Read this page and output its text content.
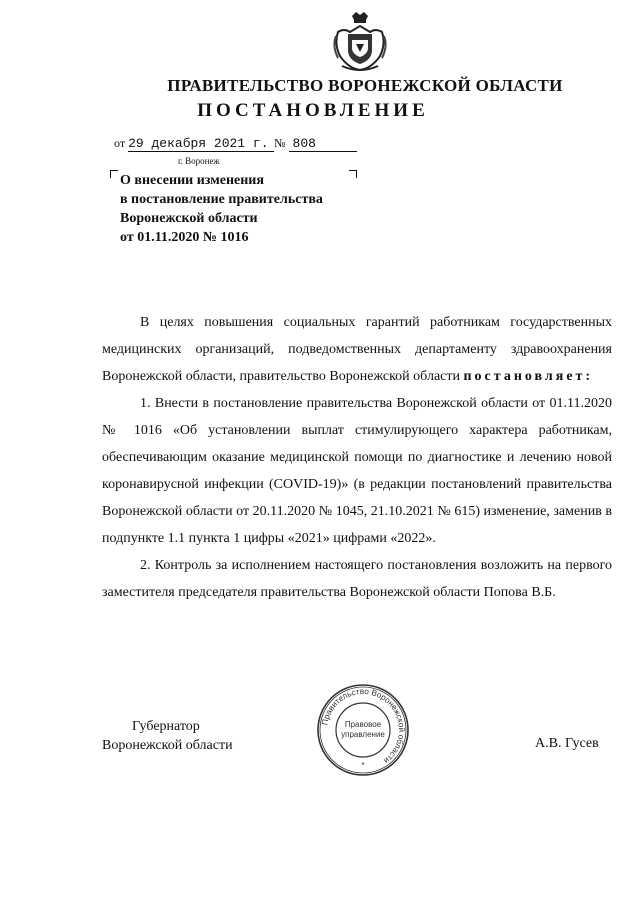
ПРАВИТЕЛЬСТВО ВОРОНЕЖСКОЙ ОБЛАСТИ
ПОСТАНОВЛЕНИЕ
от 29 декабря 2021 г. № 808
г. Воронеж
О внесении изменения
в постановление правительства
Воронежской области
от 01.11.2020 № 1016

В целях повышения социальных гарантий работникам государственных медицинских организаций, подведомственных департаменту здравоохранения Воронежской области, правительство Воронежской области постановляет:

1. Внести в постановление правительства Воронежской области от 01.11.2020 № 1016 «Об установлении выплат стимулирующего характера работникам, обеспечивающим оказание медицинской помощи по диагностике и лечению новой коронавирусной инфекции (COVID-19)» (в редакции постановлений правительства Воронежской области от 20.11.2020 № 1045, 21.10.2021 № 615) изменение, заменив в подпункте 1.1 пункта 1 цифры «2021» цифрами «2022».

2. Контроль за исполнением настоящего постановления возложить на первого заместителя председателя правительства Воронежской области Попова В.Б.

Губернатор
Воронежской области
Правительство Воронежской области
Правовое
управление
*
А.В. Гусев
